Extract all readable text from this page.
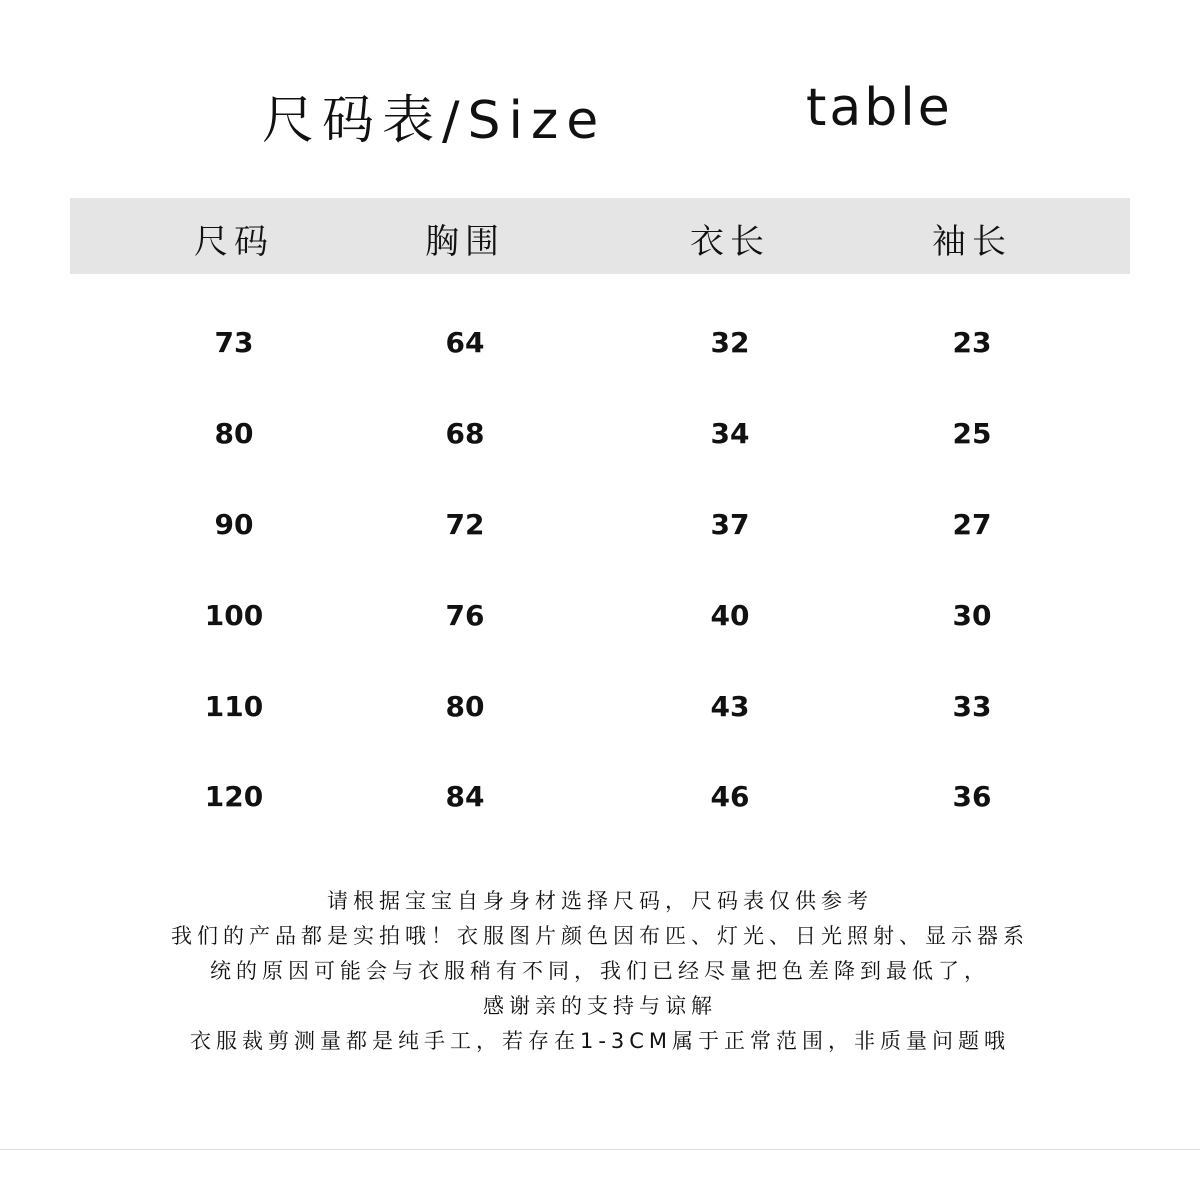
尺码表/Size	table
尺码	胸围	衣长	袖长
73	64	32	23
80	68	34	25
90	72	37	27
100	76	40	30
110	80	43	33
120	84	46	36
请根据宝宝自身身材选择尺码，尺码表仅供参考
我们的产品都是实拍哦！衣服图片颜色因布匹、灯光、日光照射、显示器系
统的原因可能会与衣服稍有不同，我们已经尽量把色差降到最低了，
感谢亲的支持与谅解
衣服裁剪测量都是纯手工，若存在1-3CM属于正常范围，非质量问题哦
